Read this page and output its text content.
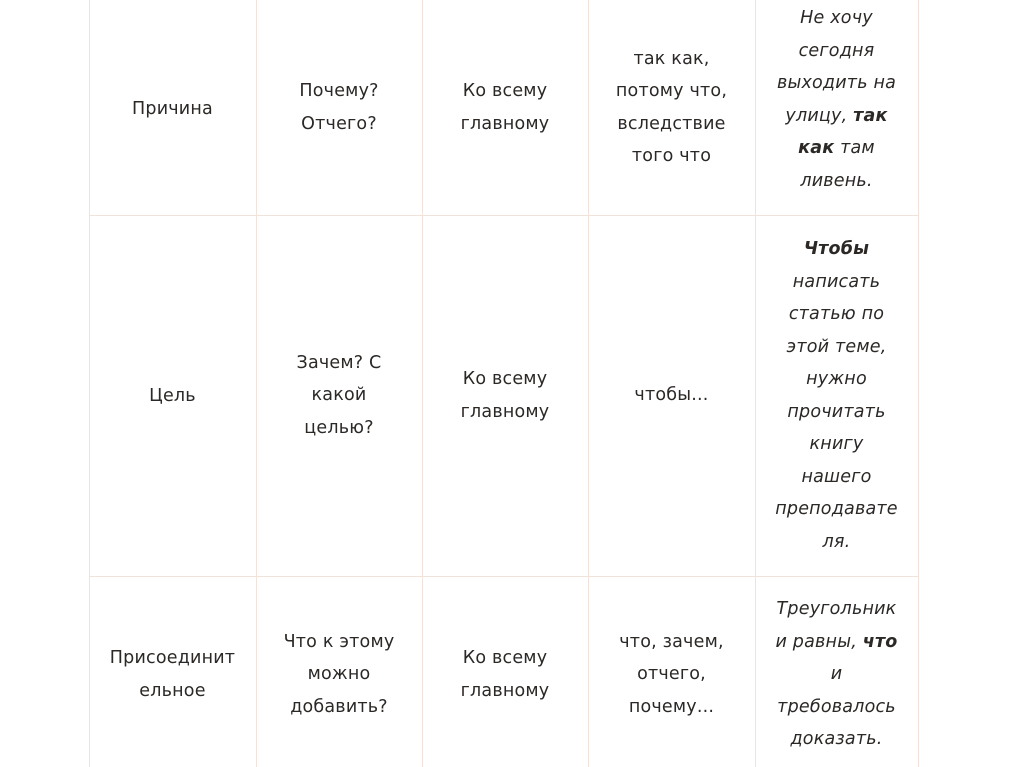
Причина
Почему?
Отчего?
Ко всему
главному
так как,
потому что,
вследствие
того что
Не хочу
сегодня
выходить на
улицу, так
как там
ливень.
Цель
Зачем? С
какой
целью?
Ко всему
главному
чтобы...
Чтобы
написать
статью по
этой теме,
нужно
прочитать
книгу
нашего
преподавате
ля.
Присоединит
ельное
Что к этому
можно
добавить?
Ко всему
главному
что, зачем,
отчего,
почему...
Треугольник
и равны, что
и
требовалось
доказать.
